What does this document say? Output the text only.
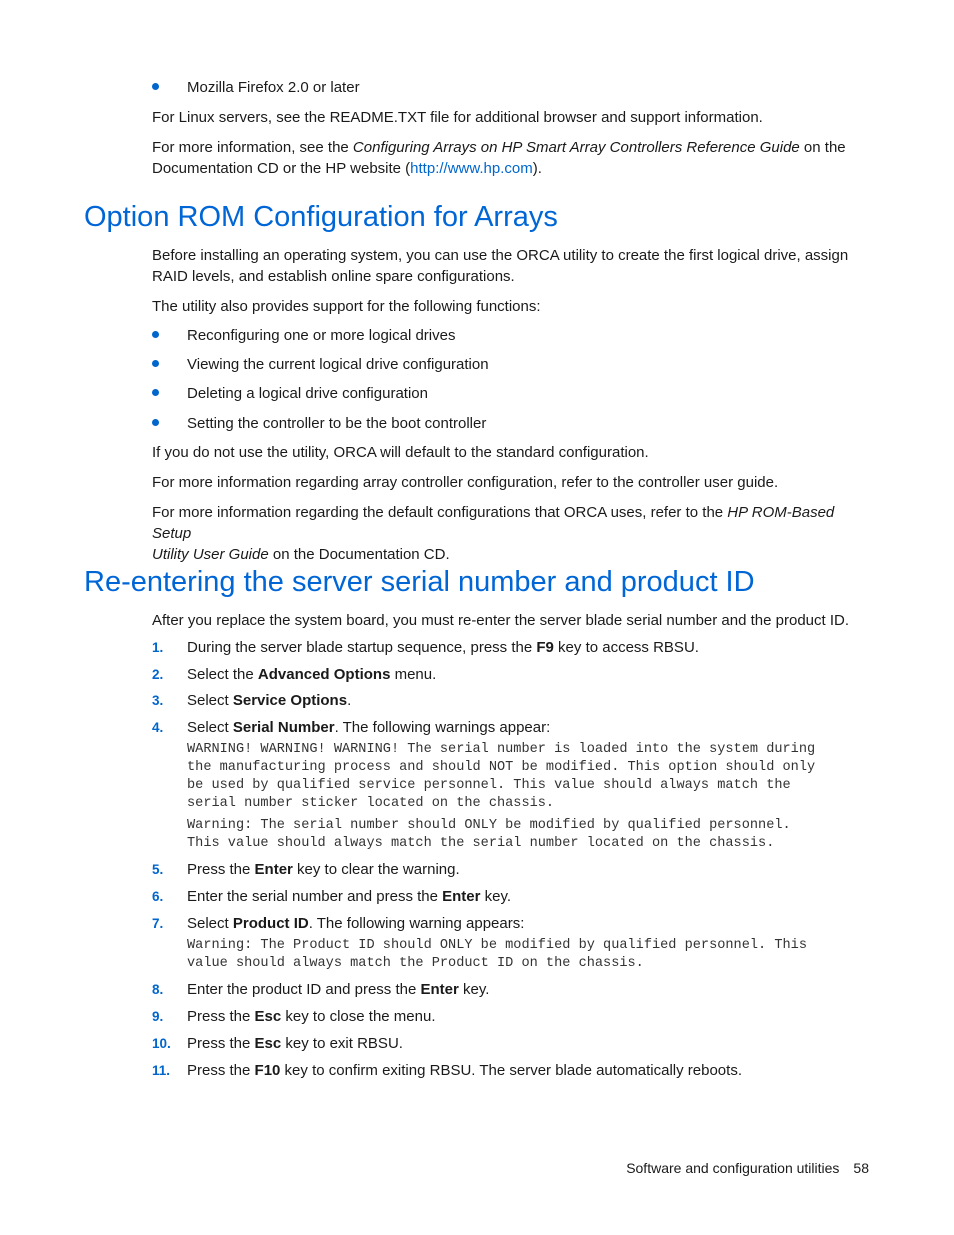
Mozilla Firefox 2.0 or later
For Linux servers, see the README.TXT file for additional browser and support information.
For more information, see the Configuring Arrays on HP Smart Array Controllers Reference Guide on the
Documentation CD or the HP website (http://www.hp.com).
Option ROM Configuration for Arrays
Before installing an operating system, you can use the ORCA utility to create the first logical drive, assign
RAID levels, and establish online spare configurations.
The utility also provides support for the following functions:
Reconfiguring one or more logical drives
Viewing the current logical drive configuration
Deleting a logical drive configuration
Setting the controller to be the boot controller
If you do not use the utility, ORCA will default to the standard configuration.
For more information regarding array controller configuration, refer to the controller user guide.
For more information regarding the default configurations that ORCA uses, refer to the HP ROM-Based Setup
Utility User Guide on the Documentation CD.
Re-entering the server serial number and product ID
After you replace the system board, you must re-enter the server blade serial number and the product ID.
1. During the server blade startup sequence, press the F9 key to access RBSU.
2. Select the Advanced Options menu.
3. Select Service Options.
4. Select Serial Number. The following warnings appear:
WARNING! WARNING! WARNING! The serial number is loaded into the system during
the manufacturing process and should NOT be modified. This option should only
be used by qualified service personnel. This value should always match the
serial number sticker located on the chassis.
Warning: The serial number should ONLY be modified by qualified personnel.
This value should always match the serial number located on the chassis.
5. Press the Enter key to clear the warning.
6. Enter the serial number and press the Enter key.
7. Select Product ID. The following warning appears:
Warning: The Product ID should ONLY be modified by qualified personnel. This
value should always match the Product ID on the chassis.
8. Enter the product ID and press the Enter key.
9. Press the Esc key to close the menu.
10. Press the Esc key to exit RBSU.
11. Press the F10 key to confirm exiting RBSU. The server blade automatically reboots.
Software and configuration utilities 58
